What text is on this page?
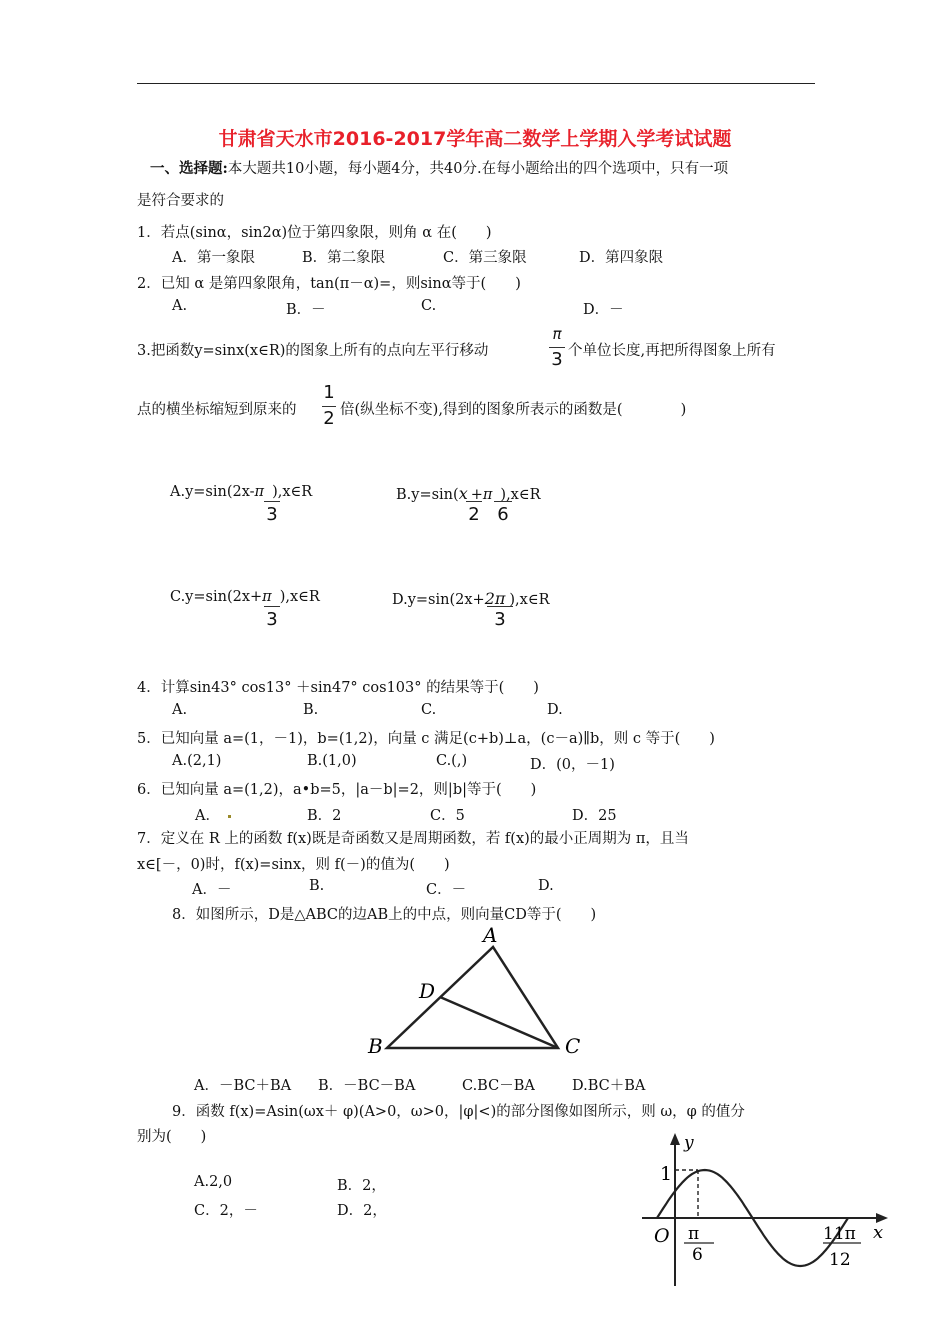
甘肃省天水市2016-2017学年高二数学上学期入学考试试题
一、选择题:本大题共10小题，每小题4分，共40分.在每小题给出的四个选项中，只有一项
是符合要求的
1．若点(sinα，sin2α)位于第四象限，则角 α 在(　　)
A．第一象限	B．第二象限	C．第三象限	D．第四象限
2．已知 α 是第四象限角，tan(π－α)=，则sinα等于(　　)
A.	B．－	C.	D．－
3.把函数y=sinx(x∈R)的图象上所有的点向左平行移动
π
3 个单位长度,再把所得图象上所有
点的横坐标缩短到原来的
1
2 倍(纵坐标不变),得到的图象所表示的函数是(　　　　)
A.y=sin(2x-π ),x∈R
3
B.y=sin(x +π ),x∈R
2 6
C.y=sin(2x+π ),x∈R
3
D.y=sin(2x+2π ),x∈R
3
4．计算sin43° cos13° ＋sin47° cos103° 的结果等于(　　)
A.	B.	C.	D.
5．已知向量 a=(1，－1)，b=(1,2)，向量 c 满足(c+b)⊥a，(c－a)∥b，则 c 等于(　　)
A.(2,1)	B.(1,0)	C.(,)	D．(0，－1)
6．已知向量 a=(1,2)，a•b=5，|a－b|=2，则|b|等于(　　)
A．	B．2	C．5	D．25
7．定义在 R 上的函数 f(x)既是奇函数又是周期函数，若 f(x)的最小正周期为 π，且当
x∈[－，0)时，f(x)=sinx，则 f(－)的值为(　　)
A．－	B.	C．－	D.
8．如图所示，D是△ABC的边AB上的中点，则向量CD等于(　　)
A
D
B	C
A．－BC＋BA B．－BC－BA	C.BC－BA	D.BC＋BA
9．函数 f(x)=Asin(ωx＋ φ)(A>0，ω>0，|φ|<)的部分图像如图所示，则 ω，φ 的值分
别为(　　)
A.2,0	B．2，
C．2，－	D．2，
y
x
O
1
π
6
11π
12
